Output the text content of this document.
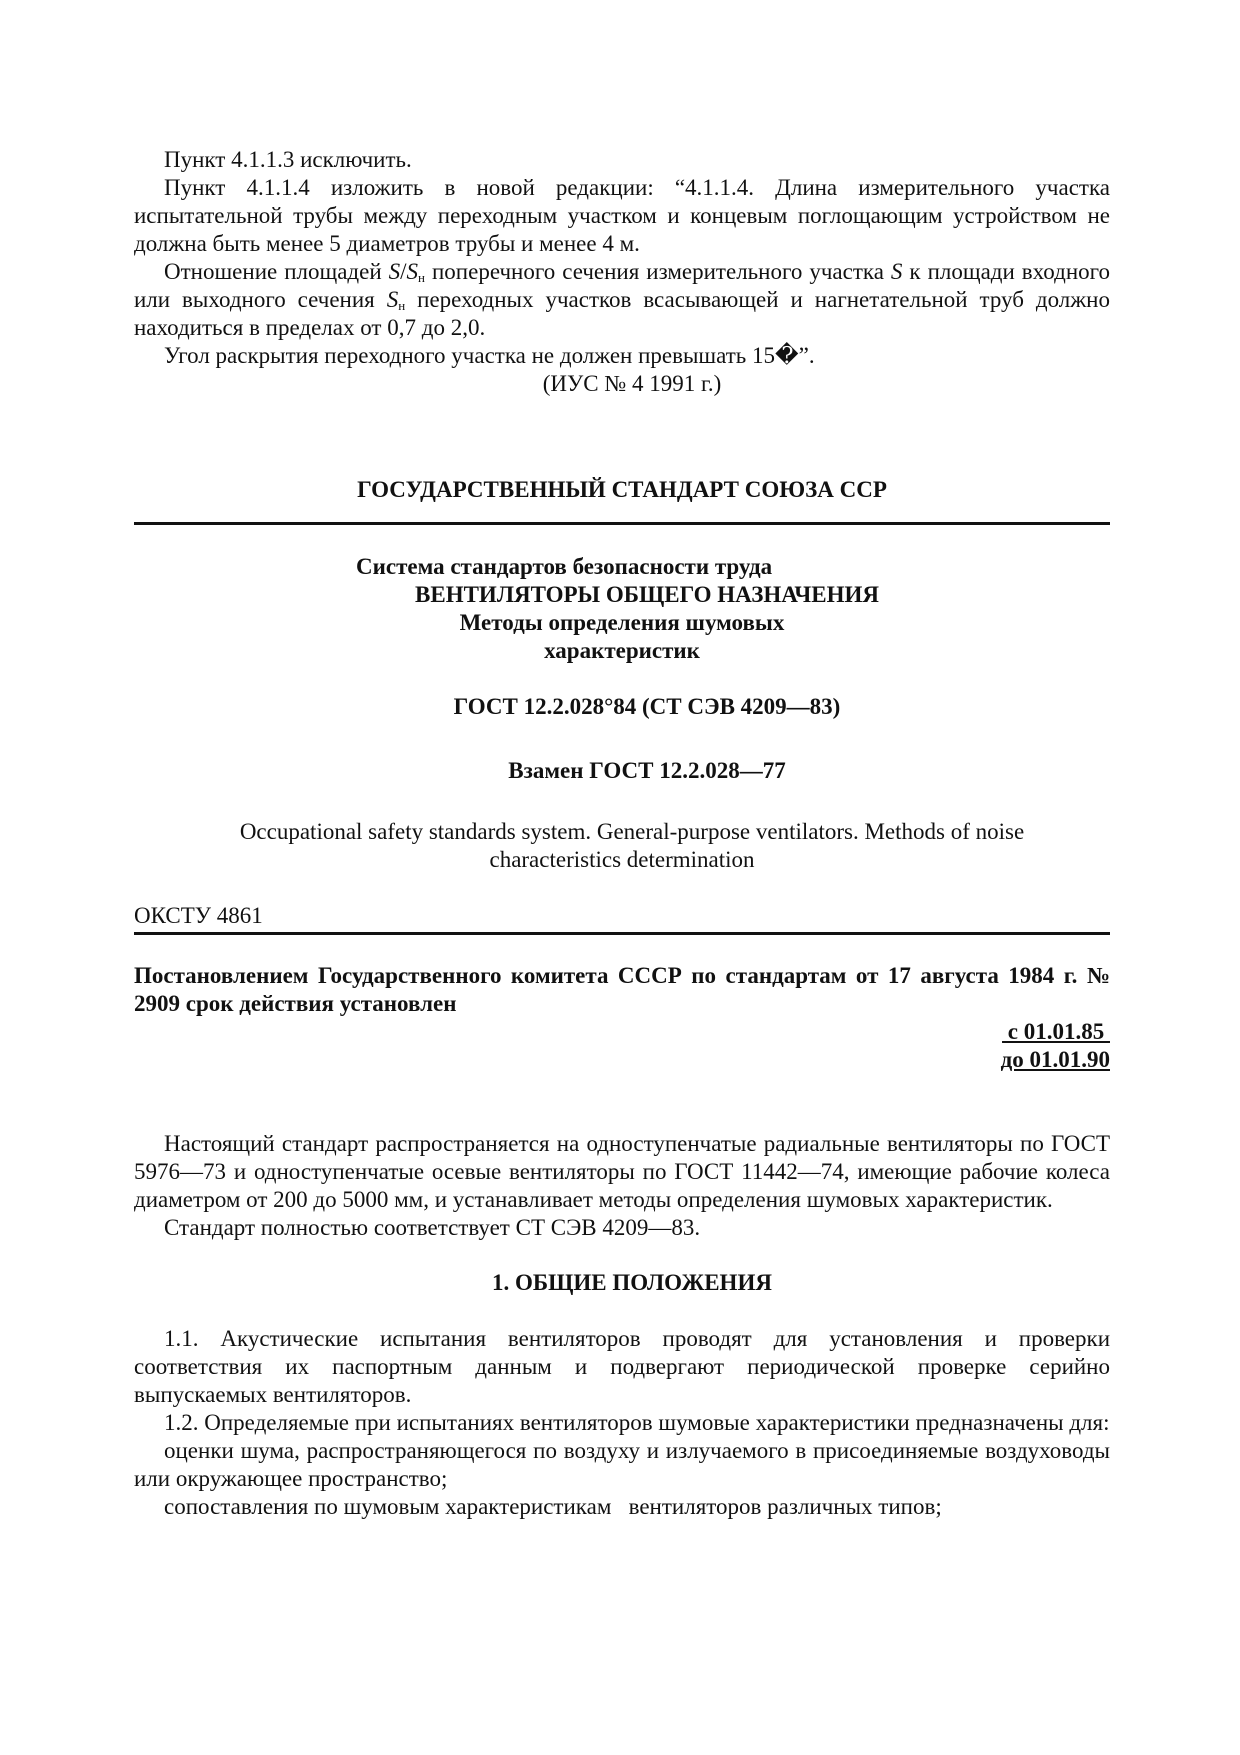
Пункт 4.1.1.3 исключить.

Пункт 4.1.1.4 изложить в новой редакции: “4.1.1.4. Длина измерительного участка испытательной трубы между переходным участком и концевым поглощающим устройством не должна быть менее 5 диаметров трубы и менее 4 м.

Отношение площадей $S/S_н$ поперечного сечения измерительного участка S к площади входного или выходного сечения $S_н$ переходных участков всасывающей и нагнетательной труб должно находиться в пределах от 0,7 до 2,0.

Угол раскрытия переходного участка не должен превышать 15�”.

(ИУС № 4 1991 г.)

ГОСУДАРСТВЕННЫЙ СТАНДАРТ СОЮЗА ССР

Система стандартов безопасности труда

ВЕНТИЛЯТОРЫ ОБЩЕГО НАЗНАЧЕНИЯ

Методы определения шумовых

характеристик

ГОСТ 12.2.028°84 (СТ СЭВ 4209—83)

Взамен ГОСТ 12.2.028—77

Occupational safety standards system. General-purpose ventilators. Methods of noise

characteristics determination

ОКСТУ 4861

Постановлением Государственного комитета СССР по стандартам от 17 августа 1984 г. № 2909 срок действия установлен

с 01.01.85

до 01.01.90

Настоящий стандарт распространяется на одноступенчатые радиальные вентиляторы по ГОСТ 5976—73 и одноступенчатые осевые вентиляторы по ГОСТ 11442—74, имеющие рабочие колеса диаметром от 200 до 5000 мм, и устанавливает методы определения шумовых характеристик.

Стандарт полностью соответствует СТ СЭВ 4209—83.

1. ОБЩИЕ ПОЛОЖЕНИЯ

1.1. Акустические испытания вентиляторов проводят для установления и проверки соответствия их паспортным данным и подвергают периодической проверке серийно выпускаемых вентиляторов.

1.2. Определяемые при испытаниях вентиляторов шумовые характеристики предназначены для:

оценки шума, распространяющегося по воздуху и излучаемого в присоединяемые воздуховоды или окружающее пространство;

сопоставления по шумовым характеристикам   вентиляторов различных типов;
